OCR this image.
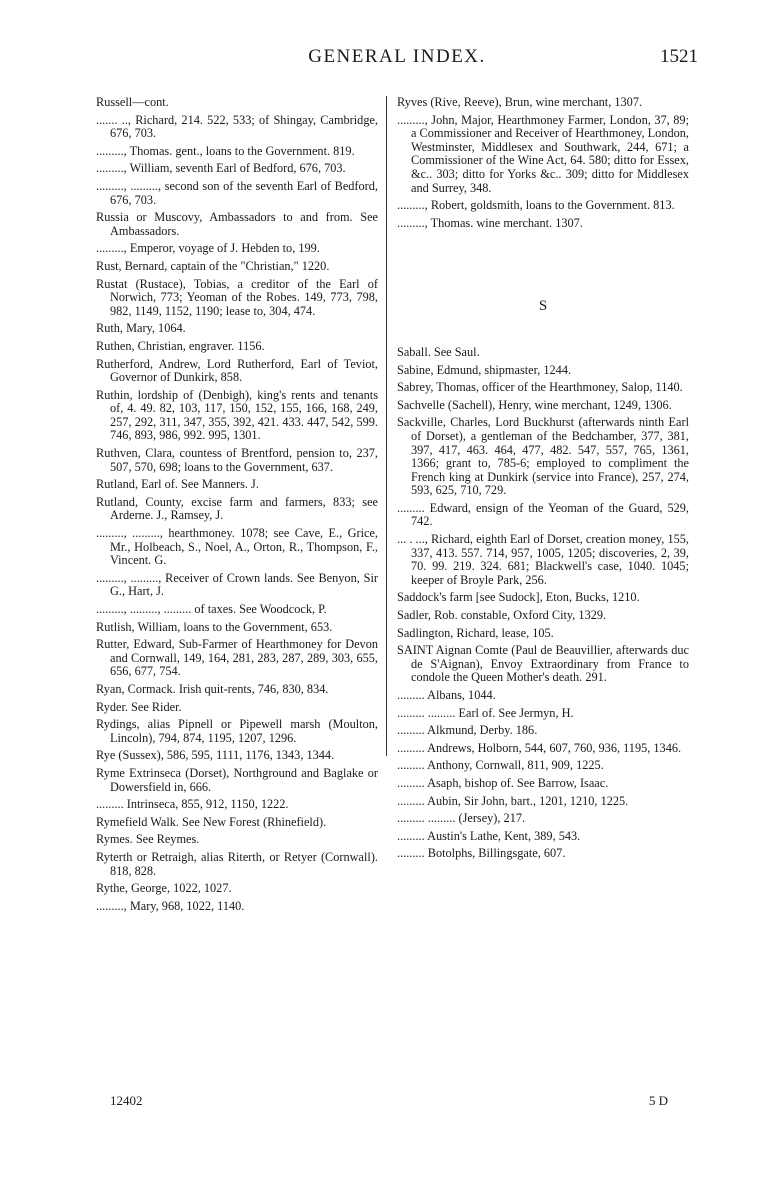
GENERAL INDEX.	1521
Russell—cont.
....... .., Richard, 214. 522, 533; of Shingay, Cambridge, 676, 703.
........., Thomas. gent., loans to the Government. 819.
........., William, seventh Earl of Bedford, 676, 703.
........., ........., second son of the seventh Earl of Bedford, 676, 703.
Russia or Muscovy, Ambassadors to and from. See Ambassadors.
........., Emperor, voyage of J. Hebden to, 199.
Rust, Bernard, captain of the "Christian," 1220.
Rustat (Rustace), Tobias, a creditor of the Earl of Norwich, 773; Yeoman of the Robes. 149, 773, 798, 982, 1149, 1152, 1190; lease to, 304, 474.
Ruth, Mary, 1064.
Ruthen, Christian, engraver. 1156.
Rutherford, Andrew, Lord Rutherford, Earl of Teviot, Governor of Dunkirk, 858.
Ruthin, lordship of (Denbigh), king's rents and tenants of, 4. 49. 82, 103, 117, 150, 152, 155, 166, 168, 249, 257, 292, 311, 347, 355, 392, 421. 433. 447, 542, 599. 746, 893, 986, 992. 995, 1301.
Ruthven, Clara, countess of Brentford, pension to, 237, 507, 570, 698; loans to the Government, 637.
Rutland, Earl of. See Manners. J.
Rutland, County, excise farm and farmers, 833; see Arderne. J., Ramsey, J.
........., ........., hearthmoney. 1078; see Cave, E., Grice, Mr., Holbeach, S., Noel, A., Orton, R., Thompson, F., Vincent. G.
........., ........., Receiver of Crown lands. See Benyon, Sir G., Hart, J.
........., ........., ......... of taxes. See Woodcock, P.
Rutlish, William, loans to the Government, 653.
Rutter, Edward, Sub-Farmer of Hearthmoney for Devon and Cornwall, 149, 164, 281, 283, 287, 289, 303, 655, 656, 677, 754.
Ryan, Cormack. Irish quit-rents, 746, 830, 834.
Ryder. See Rider.
Rydings, alias Pipnell or Pipewell marsh (Moulton, Lincoln), 794, 874, 1195, 1207, 1296.
Rye (Sussex), 586, 595, 1111, 1176, 1343, 1344.
Ryme Extrinseca (Dorset), Northground and Baglake or Dowersfield in, 666.
......... Intrinseca, 855, 912, 1150, 1222.
Rymefield Walk. See New Forest (Rhinefield).
Rymes. See Reymes.
Ryterth or Retraigh, alias Riterth, or Retyer (Cornwall). 818, 828.
Rythe, George, 1022, 1027.
........., Mary, 968, 1022, 1140.
Ryves (Rive, Reeve), Brun, wine merchant, 1307.
........., John, Major, Hearthmoney Farmer, London, 37, 89; a Commissioner and Receiver of Hearthmoney, London, Westminster, Middlesex and Southwark, 244, 671; a Commissioner of the Wine Act, 64. 580; ditto for Essex, &c.. 303; ditto for Yorks &c.. 309; ditto for Middlesex and Surrey, 348.
........., Robert, goldsmith, loans to the Government. 813.
........., Thomas. wine merchant. 1307.
S
Saball. See Saul.
Sabine, Edmund, shipmaster, 1244.
Sabrey, Thomas, officer of the Hearthmoney, Salop, 1140.
Sachvelle (Sachell), Henry, wine merchant, 1249, 1306.
Sackville, Charles, Lord Buckhurst (afterwards ninth Earl of Dorset), a gentleman of the Bedchamber, 377, 381, 397, 417, 463. 464, 477, 482. 547, 557, 765, 1361, 1366; grant to, 785-6; employed to compliment the French king at Dunkirk (service into France), 257, 274, 593, 625, 710, 729.
......... Edward, ensign of the Yeoman of the Guard, 529, 742.
... . ..., Richard, eighth Earl of Dorset, creation money, 155, 337, 413. 557. 714, 957, 1005, 1205; discoveries, 2, 39, 70. 99. 219. 324. 681; Blackwell's case, 1040. 1045; keeper of Broyle Park, 256.
Saddock's farm [see Sudock], Eton, Bucks, 1210.
Sadler, Rob. constable, Oxford City, 1329.
Sadlington, Richard, lease, 105.
SAINT Aignan Comte (Paul de Beauvillier, afterwards duc de S'Aignan), Envoy Extraordinary from France to condole the Queen Mother's death. 291.
......... Albans, 1044.
......... ......... Earl of. See Jermyn, H.
......... Alkmund, Derby. 186.
......... Andrews, Holborn, 544, 607, 760, 936, 1195, 1346.
......... Anthony, Cornwall, 811, 909, 1225.
......... Asaph, bishop of. See Barrow, Isaac.
......... Aubin, Sir John, bart., 1201, 1210, 1225.
......... ......... (Jersey), 217.
......... Austin's Lathe, Kent, 389, 543.
......... Botolphs, Billingsgate, 607.
12402	5 D
